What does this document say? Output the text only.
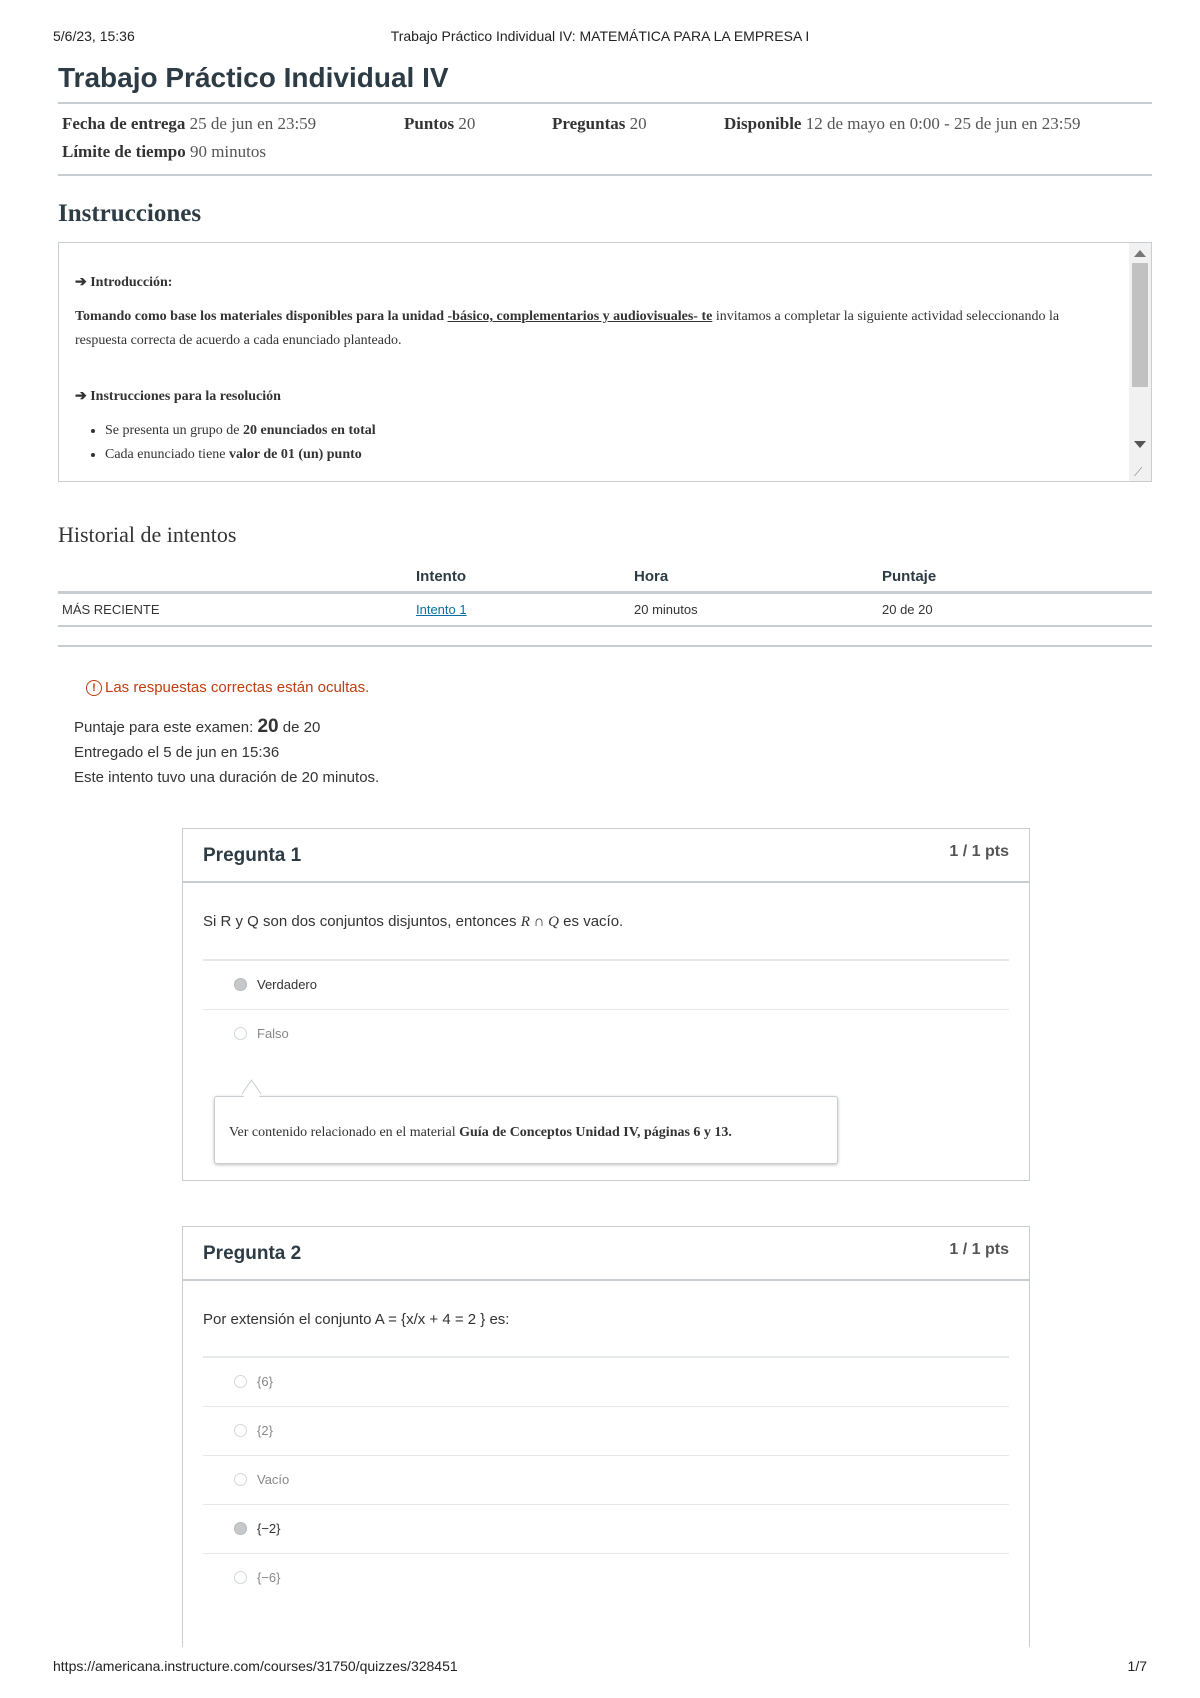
5/6/23, 15:36	Trabajo Práctico Individual IV: MATEMÁTICA PARA LA EMPRESA I
Trabajo Práctico Individual IV
Fecha de entrega 25 de jun en 23:59	Puntos 20	Preguntas 20	Disponible 12 de mayo en 0:00 - 25 de jun en 23:59
Límite de tiempo 90 minutos
Instrucciones

➔ Introducción:

Tomando como base los materiales disponibles para la unidad -básico, complementarios y audiovisuales- te invitamos a completar la siguiente actividad seleccionando la respuesta correcta de acuerdo a cada enunciado planteado.

➔ Instrucciones para la resolución

• Se presenta un grupo de 20 enunciados en total
• Cada enunciado tiene valor de 01 (un) punto
⟋
Historial de intentos
	Intento	Hora	Puntaje
MÁS RECIENTE	Intento 1	20 minutos	20 de 20
! Las respuestas correctas están ocultas.
Puntaje para este examen: 20 de 20
Entregado el 5 de jun en 15:36
Este intento tuvo una duración de 20 minutos.
Pregunta 1	1 / 1 pts
Si R y Q son dos conjuntos disjuntos, entonces R ∩ Q es vacío.
Verdadero
Falso
Ver contenido relacionado en el material Guía de Conceptos Unidad IV, páginas 6 y 13.
Pregunta 2	1 / 1 pts
Por extensión el conjunto A = {x/x + 4 = 2 } es:
{6}
{2}
Vacío
{−2}
{−6}
https://americana.instructure.com/courses/31750/quizzes/328451	1/7
